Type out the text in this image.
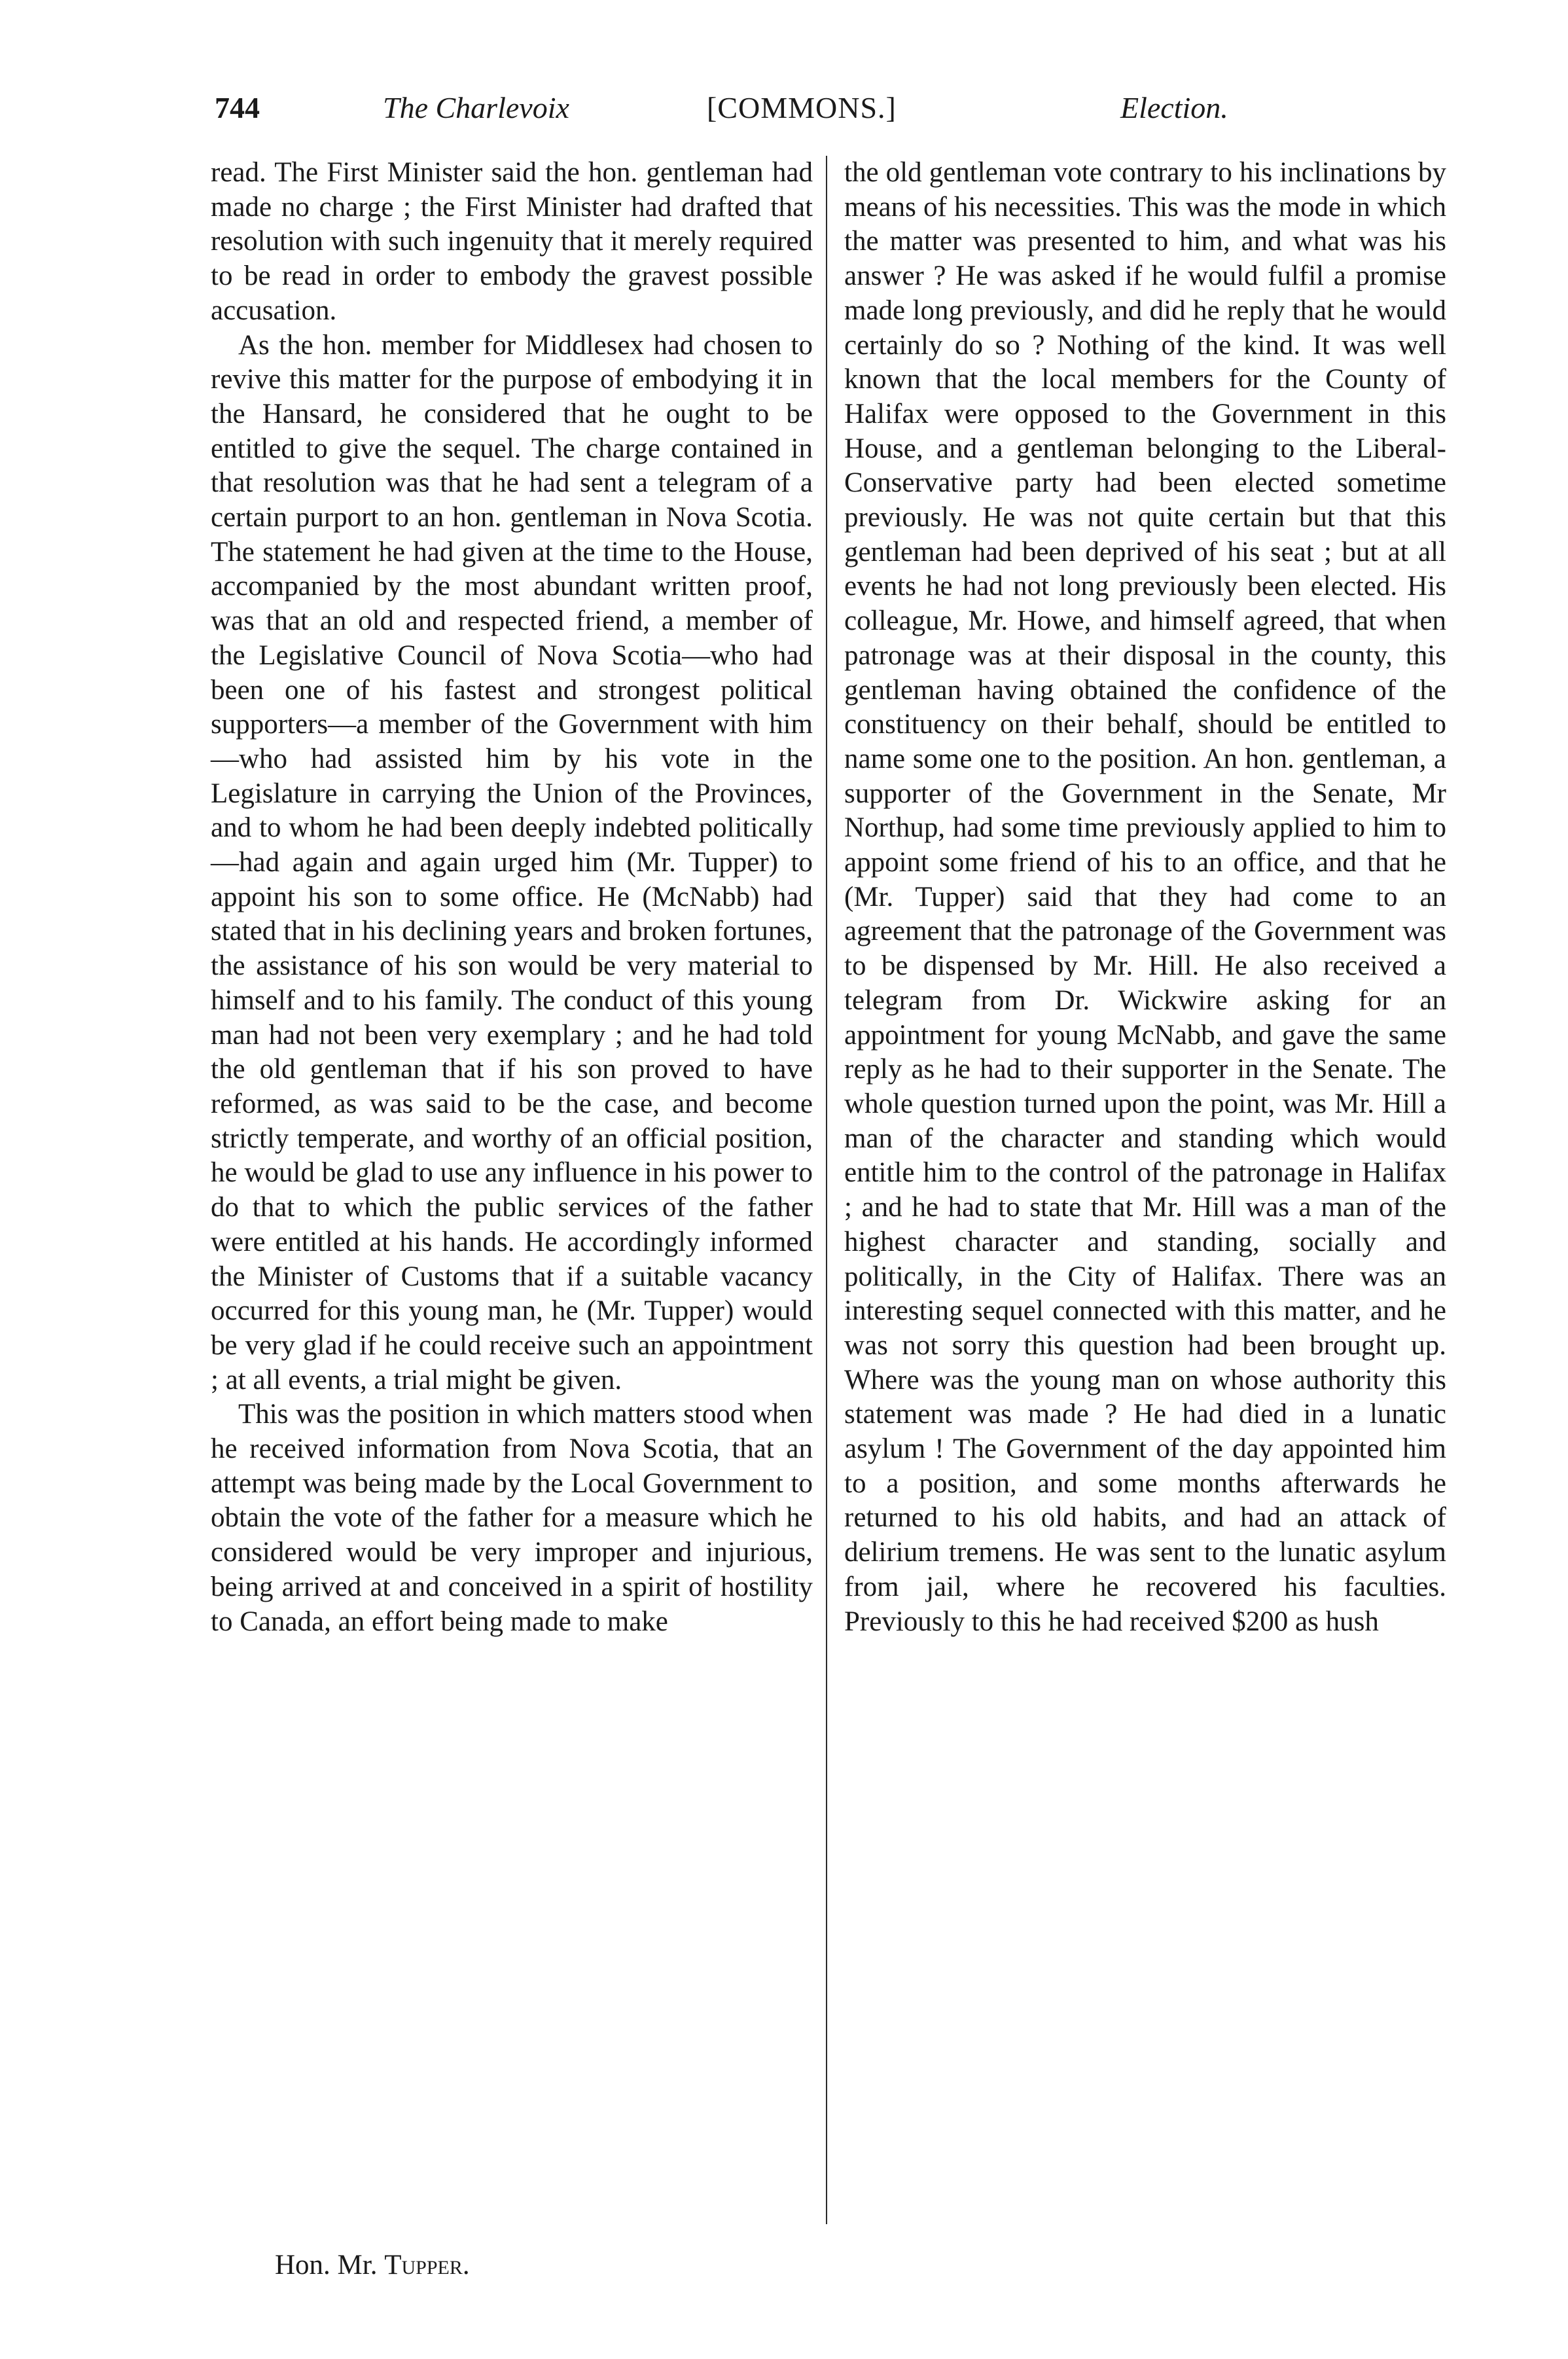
744	The Charlevoix	[COMMONS.]	Election.

read. The First Minister said the hon. gentleman had made no charge ; the First Minister had drafted that resolution with such ingenuity that it merely required to be read in order to embody the gravest possible accusation.

As the hon. member for Middlesex had chosen to revive this matter for the purpose of embodying it in the Hansard, he considered that he ought to be entitled to give the sequel. The charge contained in that resolution was that he had sent a telegram of a certain purport to an hon. gentleman in Nova Scotia. The statement he had given at the time to the House, accompanied by the most abundant written proof, was that an old and respected friend, a member of the Legislative Council of Nova Scotia—who had been one of his fastest and strongest political supporters—a member of the Government with him—who had assisted him by his vote in the Legislature in carrying the Union of the Provinces, and to whom he had been deeply indebted politically—had again and again urged him (Mr. Tupper) to appoint his son to some office. He (McNabb) had stated that in his declining years and broken fortunes, the assistance of his son would be very material to himself and to his family. The conduct of this young man had not been very exemplary ; and he had told the old gentleman that if his son proved to have reformed, as was said to be the case, and become strictly temperate, and worthy of an official position, he would be glad to use any influence in his power to do that to which the public services of the father were entitled at his hands. He accordingly informed the Minister of Customs that if a suitable vacancy occurred for this young man, he (Mr. Tupper) would be very glad if he could receive such an appointment ; at all events, a trial might be given.

This was the position in which matters stood when he received information from Nova Scotia, that an attempt was being made by the Local Government to obtain the vote of the father for a measure which he considered would be very improper and injurious, being arrived at and conceived in a spirit of hostility to Canada, an effort being made to make

the old gentleman vote contrary to his inclinations by means of his necessities. This was the mode in which the matter was presented to him, and what was his answer ? He was asked if he would fulfil a promise made long previously, and did he reply that he would certainly do so ? Nothing of the kind. It was well known that the local members for the County of Halifax were opposed to the Government in this House, and a gentleman belonging to the Liberal-Conservative party had been elected sometime previously. He was not quite certain but that this gentleman had been deprived of his seat ; but at all events he had not long previously been elected. His colleague, Mr. Howe, and himself agreed, that when patronage was at their disposal in the county, this gentleman having obtained the confidence of the constituency on their behalf, should be entitled to name some one to the position. An hon. gentleman, a supporter of the Government in the Senate, Mr Northup, had some time previously applied to him to appoint some friend of his to an office, and that he (Mr. Tupper) said that they had come to an agreement that the patronage of the Government was to be dispensed by Mr. Hill. He also received a telegram from Dr. Wickwire asking for an appointment for young McNabb, and gave the same reply as he had to their supporter in the Senate. The whole question turned upon the point, was Mr. Hill a man of the character and standing which would entitle him to the control of the patronage in Halifax ; and he had to state that Mr. Hill was a man of the highest character and standing, socially and politically, in the City of Halifax. There was an interesting sequel connected with this matter, and he was not sorry this question had been brought up. Where was the young man on whose authority this statement was made ? He had died in a lunatic asylum ! The Government of the day appointed him to a position, and some months afterwards he returned to his old habits, and had an attack of delirium tremens. He was sent to the lunatic asylum from jail, where he recovered his faculties. Previously to this he had received $200 as hush

Hon. Mr. Tupper.
